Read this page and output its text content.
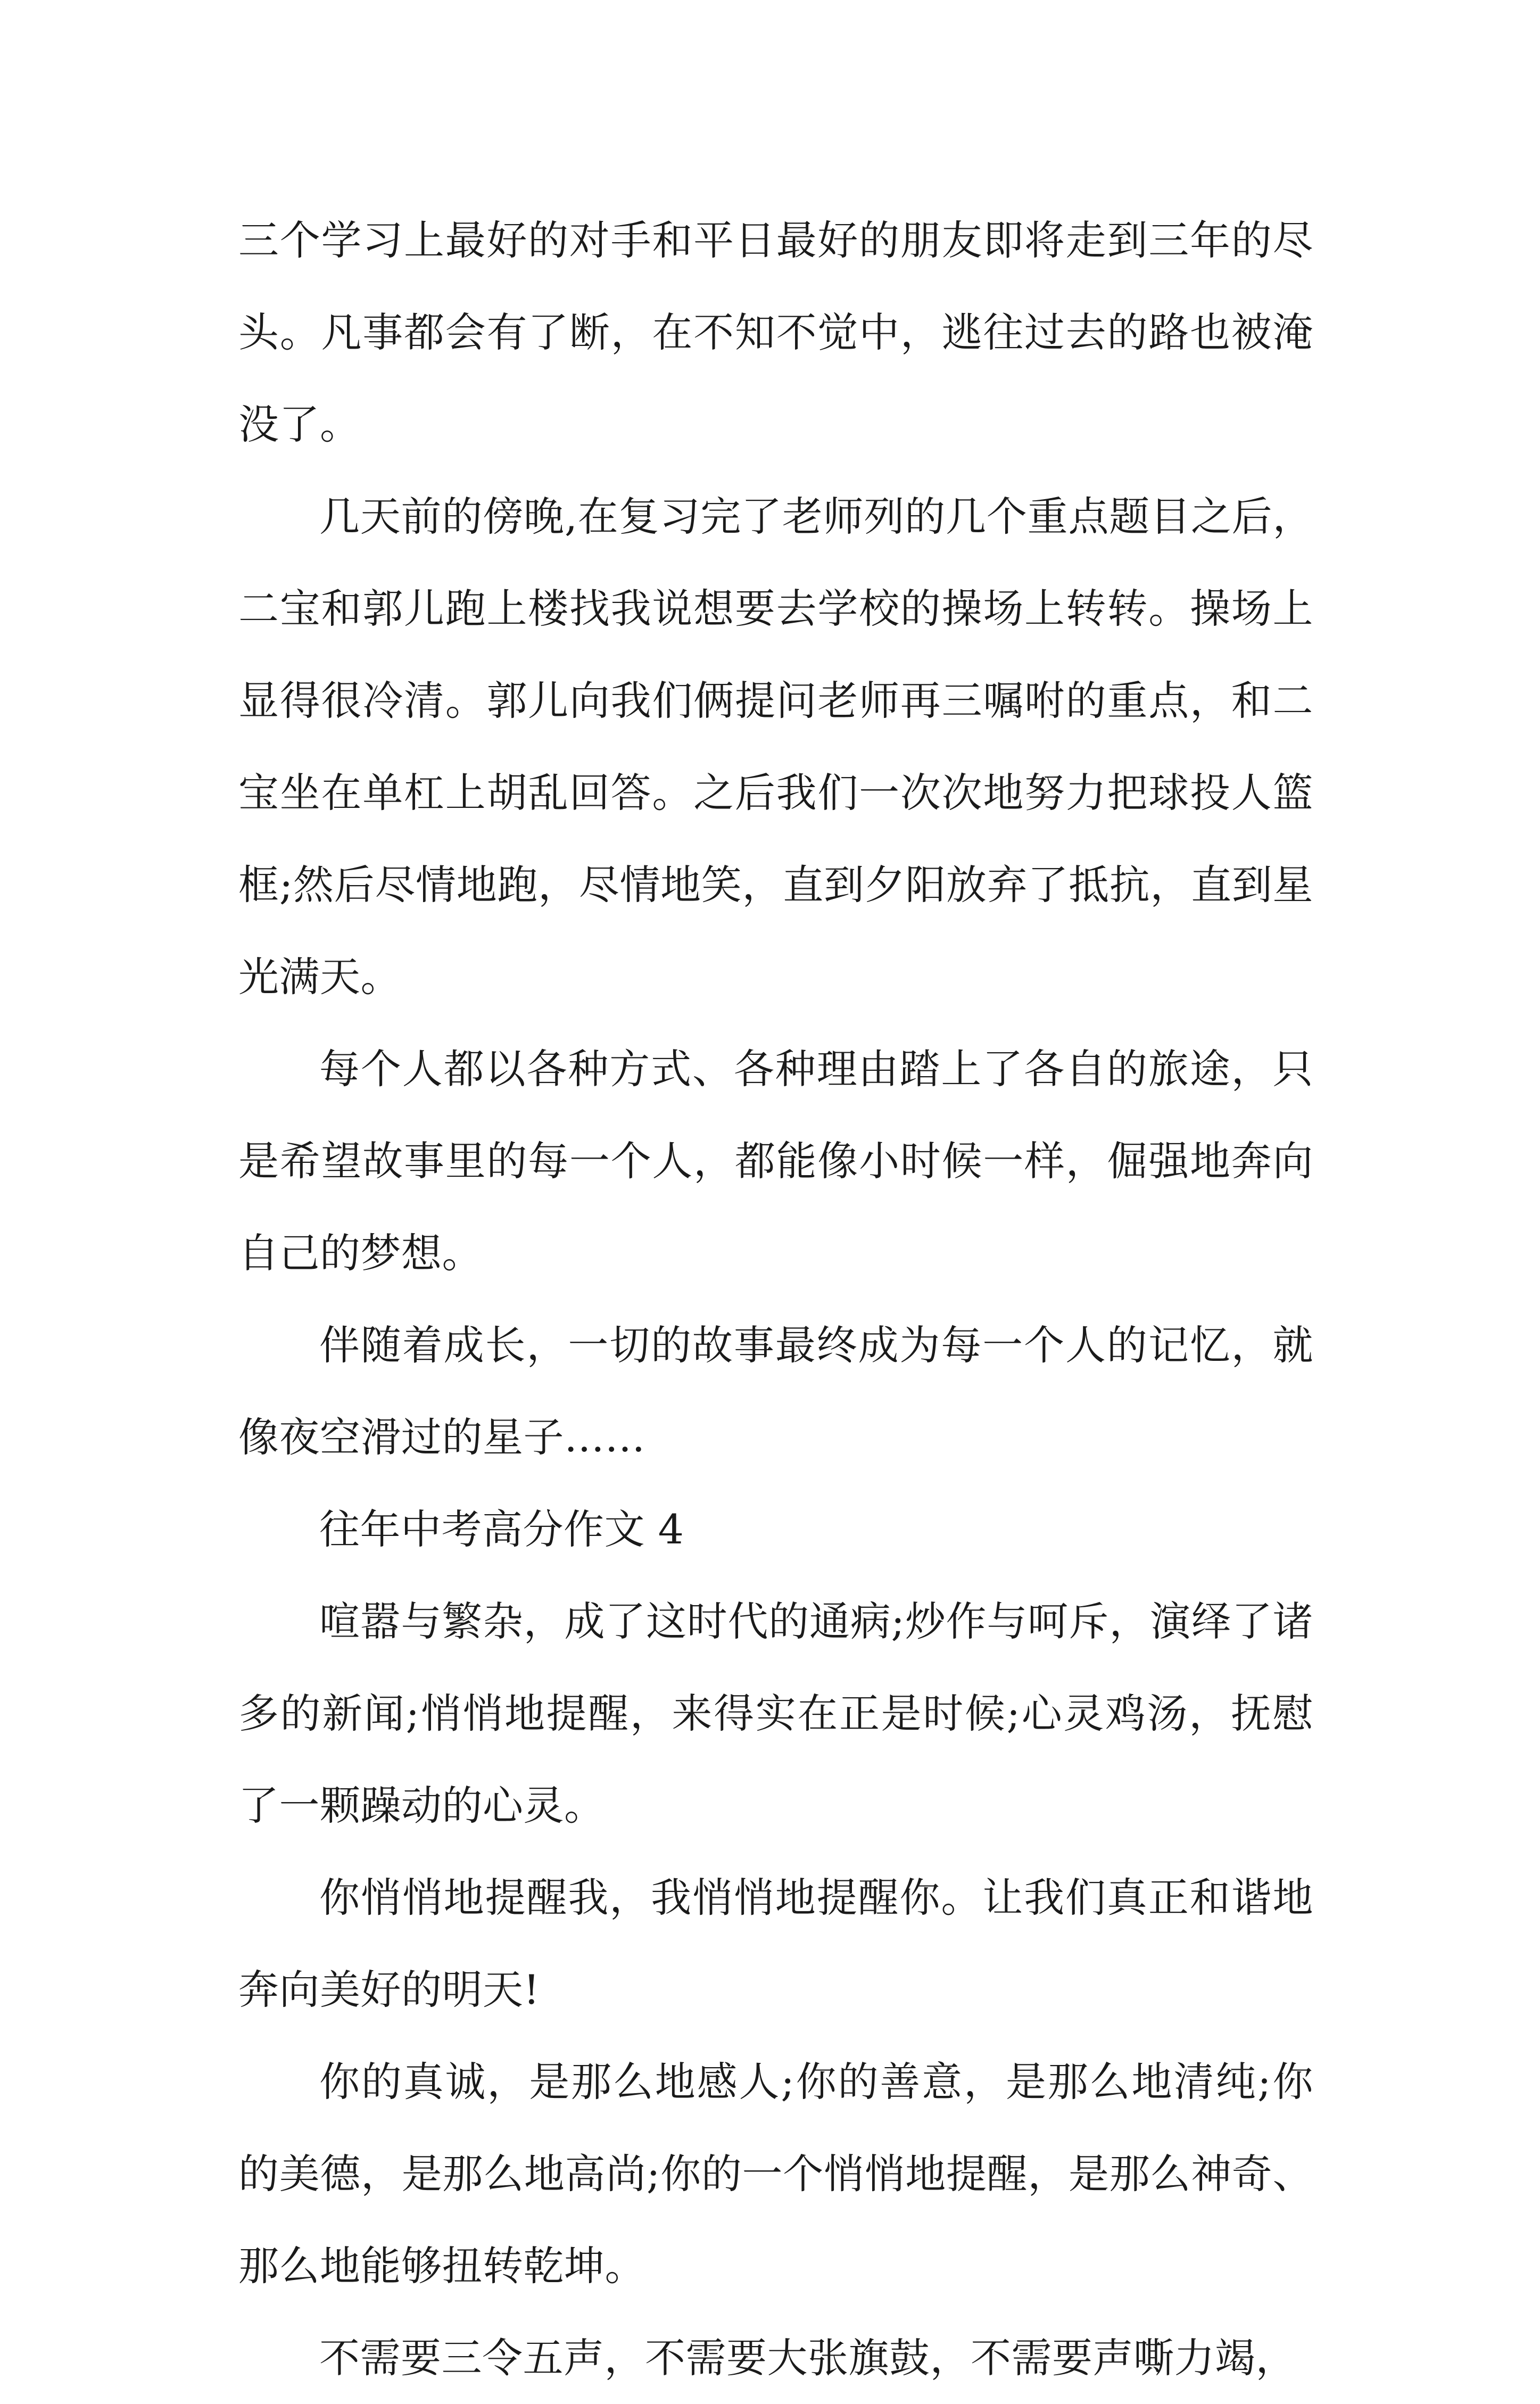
三个学习上最好的对手和平日最好的朋友即将走到三年的尽头。凡事都会有了断，在不知不觉中，逃往过去的路也被淹没了。

几天前的傍晚,在复习完了老师列的几个重点题目之后，二宝和郭儿跑上楼找我说想要去学校的操场上转转。操场上显得很冷清。郭儿向我们俩提问老师再三嘱咐的重点，和二宝坐在单杠上胡乱回答。之后我们一次次地努力把球投人篮框;然后尽情地跑，尽情地笑，直到夕阳放弃了抵抗，直到星光满天。

每个人都以各种方式、各种理由踏上了各自的旅途，只是希望故事里的每一个人，都能像小时候一样，倔强地奔向自己的梦想。

伴随着成长，一切的故事最终成为每一个人的记忆，就像夜空滑过的星子……

往年中考高分作文 4

喧嚣与繁杂，成了这时代的通病;炒作与呵斥，演绎了诸多的新闻;悄悄地提醒，来得实在正是时候;心灵鸡汤，抚慰了一颗躁动的心灵。

你悄悄地提醒我，我悄悄地提醒你。让我们真正和谐地奔向美好的明天!

你的真诚，是那么地感人;你的善意，是那么地清纯;你的美德，是那么地高尚;你的一个悄悄地提醒，是那么神奇、那么地能够扭转乾坤。

不需要三令五声，不需要大张旗鼓，不需要声嘶力竭，
